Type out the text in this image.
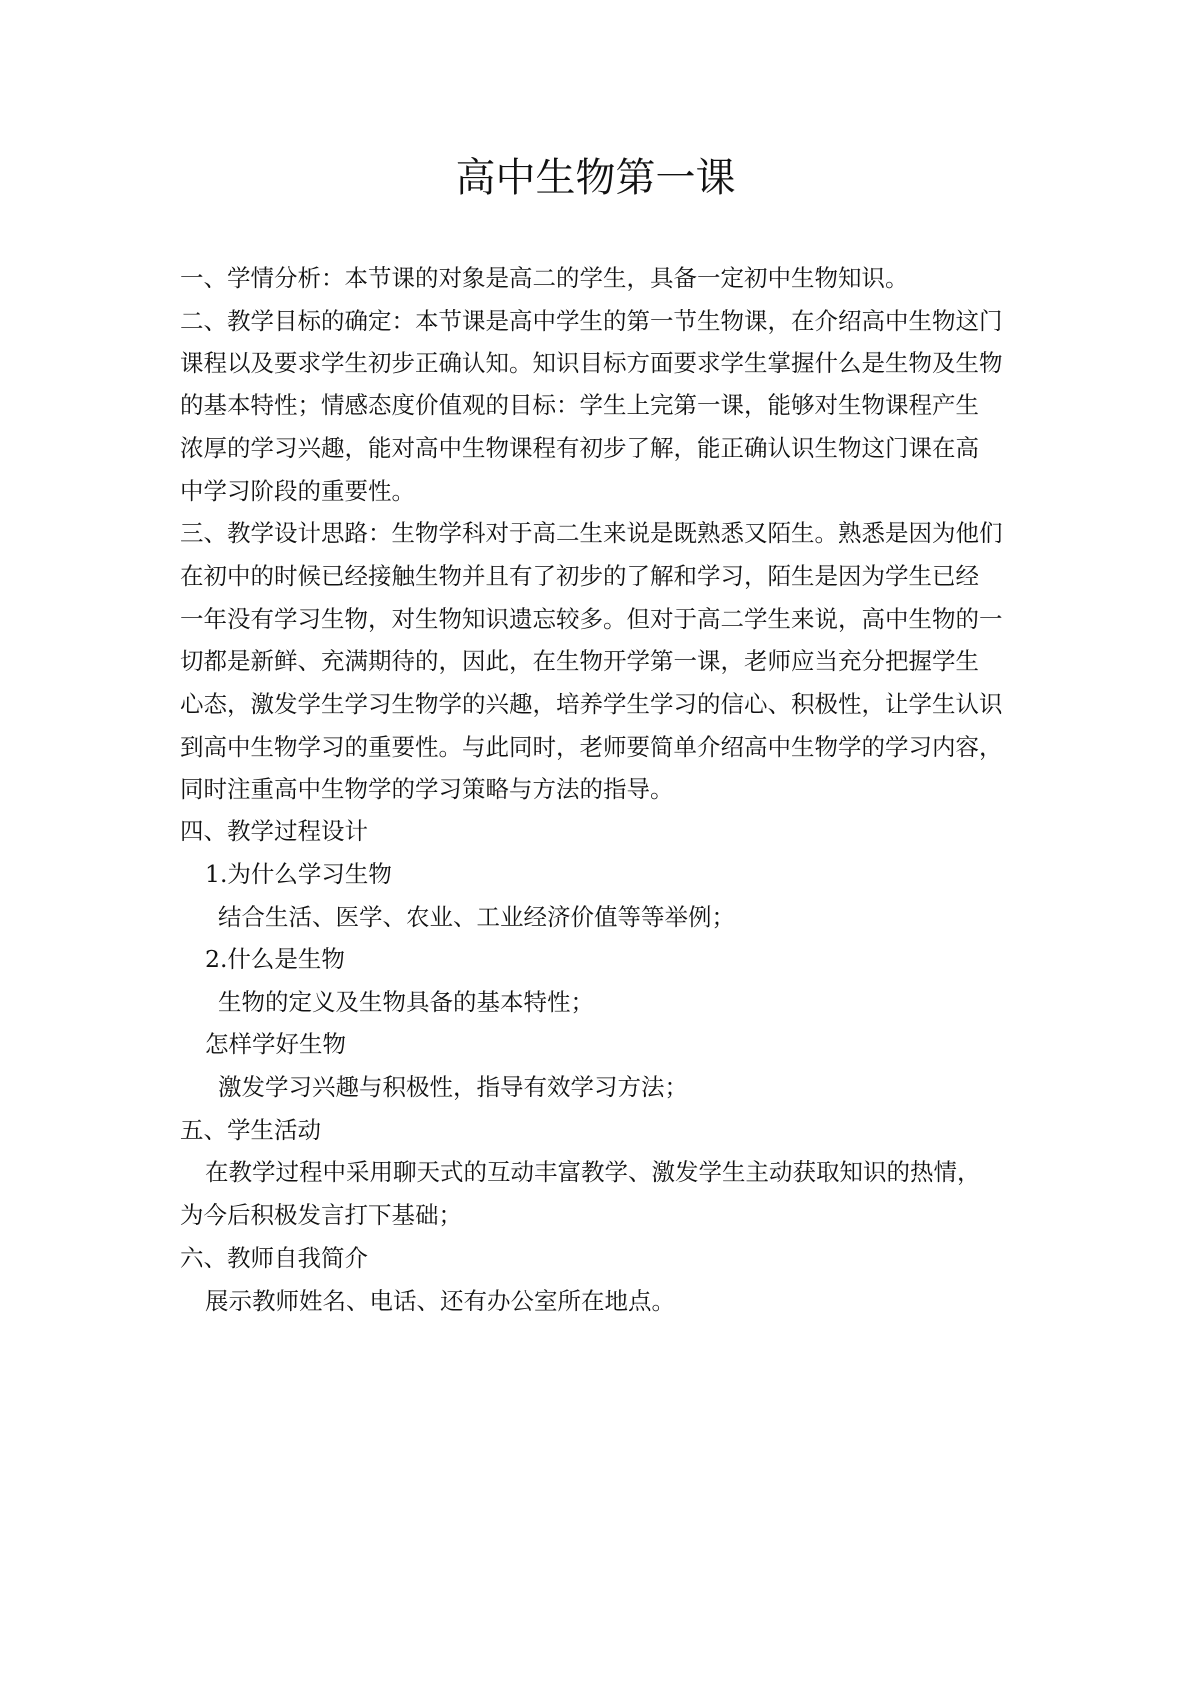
高中生物第一课
一、学情分析：本节课的对象是高二的学生，具备一定初中生物知识。
二、教学目标的确定：本节课是高中学生的第一节生物课，在介绍高中生物这门
课程以及要求学生初步正确认知。知识目标方面要求学生掌握什么是生物及生物
的基本特性；情感态度价值观的目标：学生上完第一课，能够对生物课程产生
浓厚的学习兴趣，能对高中生物课程有初步了解，能正确认识生物这门课在高
中学习阶段的重要性。
三、教学设计思路：生物学科对于高二生来说是既熟悉又陌生。熟悉是因为他们
在初中的时候已经接触生物并且有了初步的了解和学习，陌生是因为学生已经
一年没有学习生物，对生物知识遗忘较多。但对于高二学生来说，高中生物的一
切都是新鲜、充满期待的，因此，在生物开学第一课，老师应当充分把握学生
心态，激发学生学习生物学的兴趣，培养学生学习的信心、积极性，让学生认识
到高中生物学习的重要性。与此同时，老师要简单介绍高中生物学的学习内容，
同时注重高中生物学的学习策略与方法的指导。
四、教学过程设计
1.为什么学习生物
结合生活、医学、农业、工业经济价值等等举例；
2.什么是生物
生物的定义及生物具备的基本特性；
怎样学好生物
激发学习兴趣与积极性，指导有效学习方法；
五、学生活动
在教学过程中采用聊天式的互动丰富教学、激发学生主动获取知识的热情，
为今后积极发言打下基础；
六、教师自我简介
展示教师姓名、电话、还有办公室所在地点。
